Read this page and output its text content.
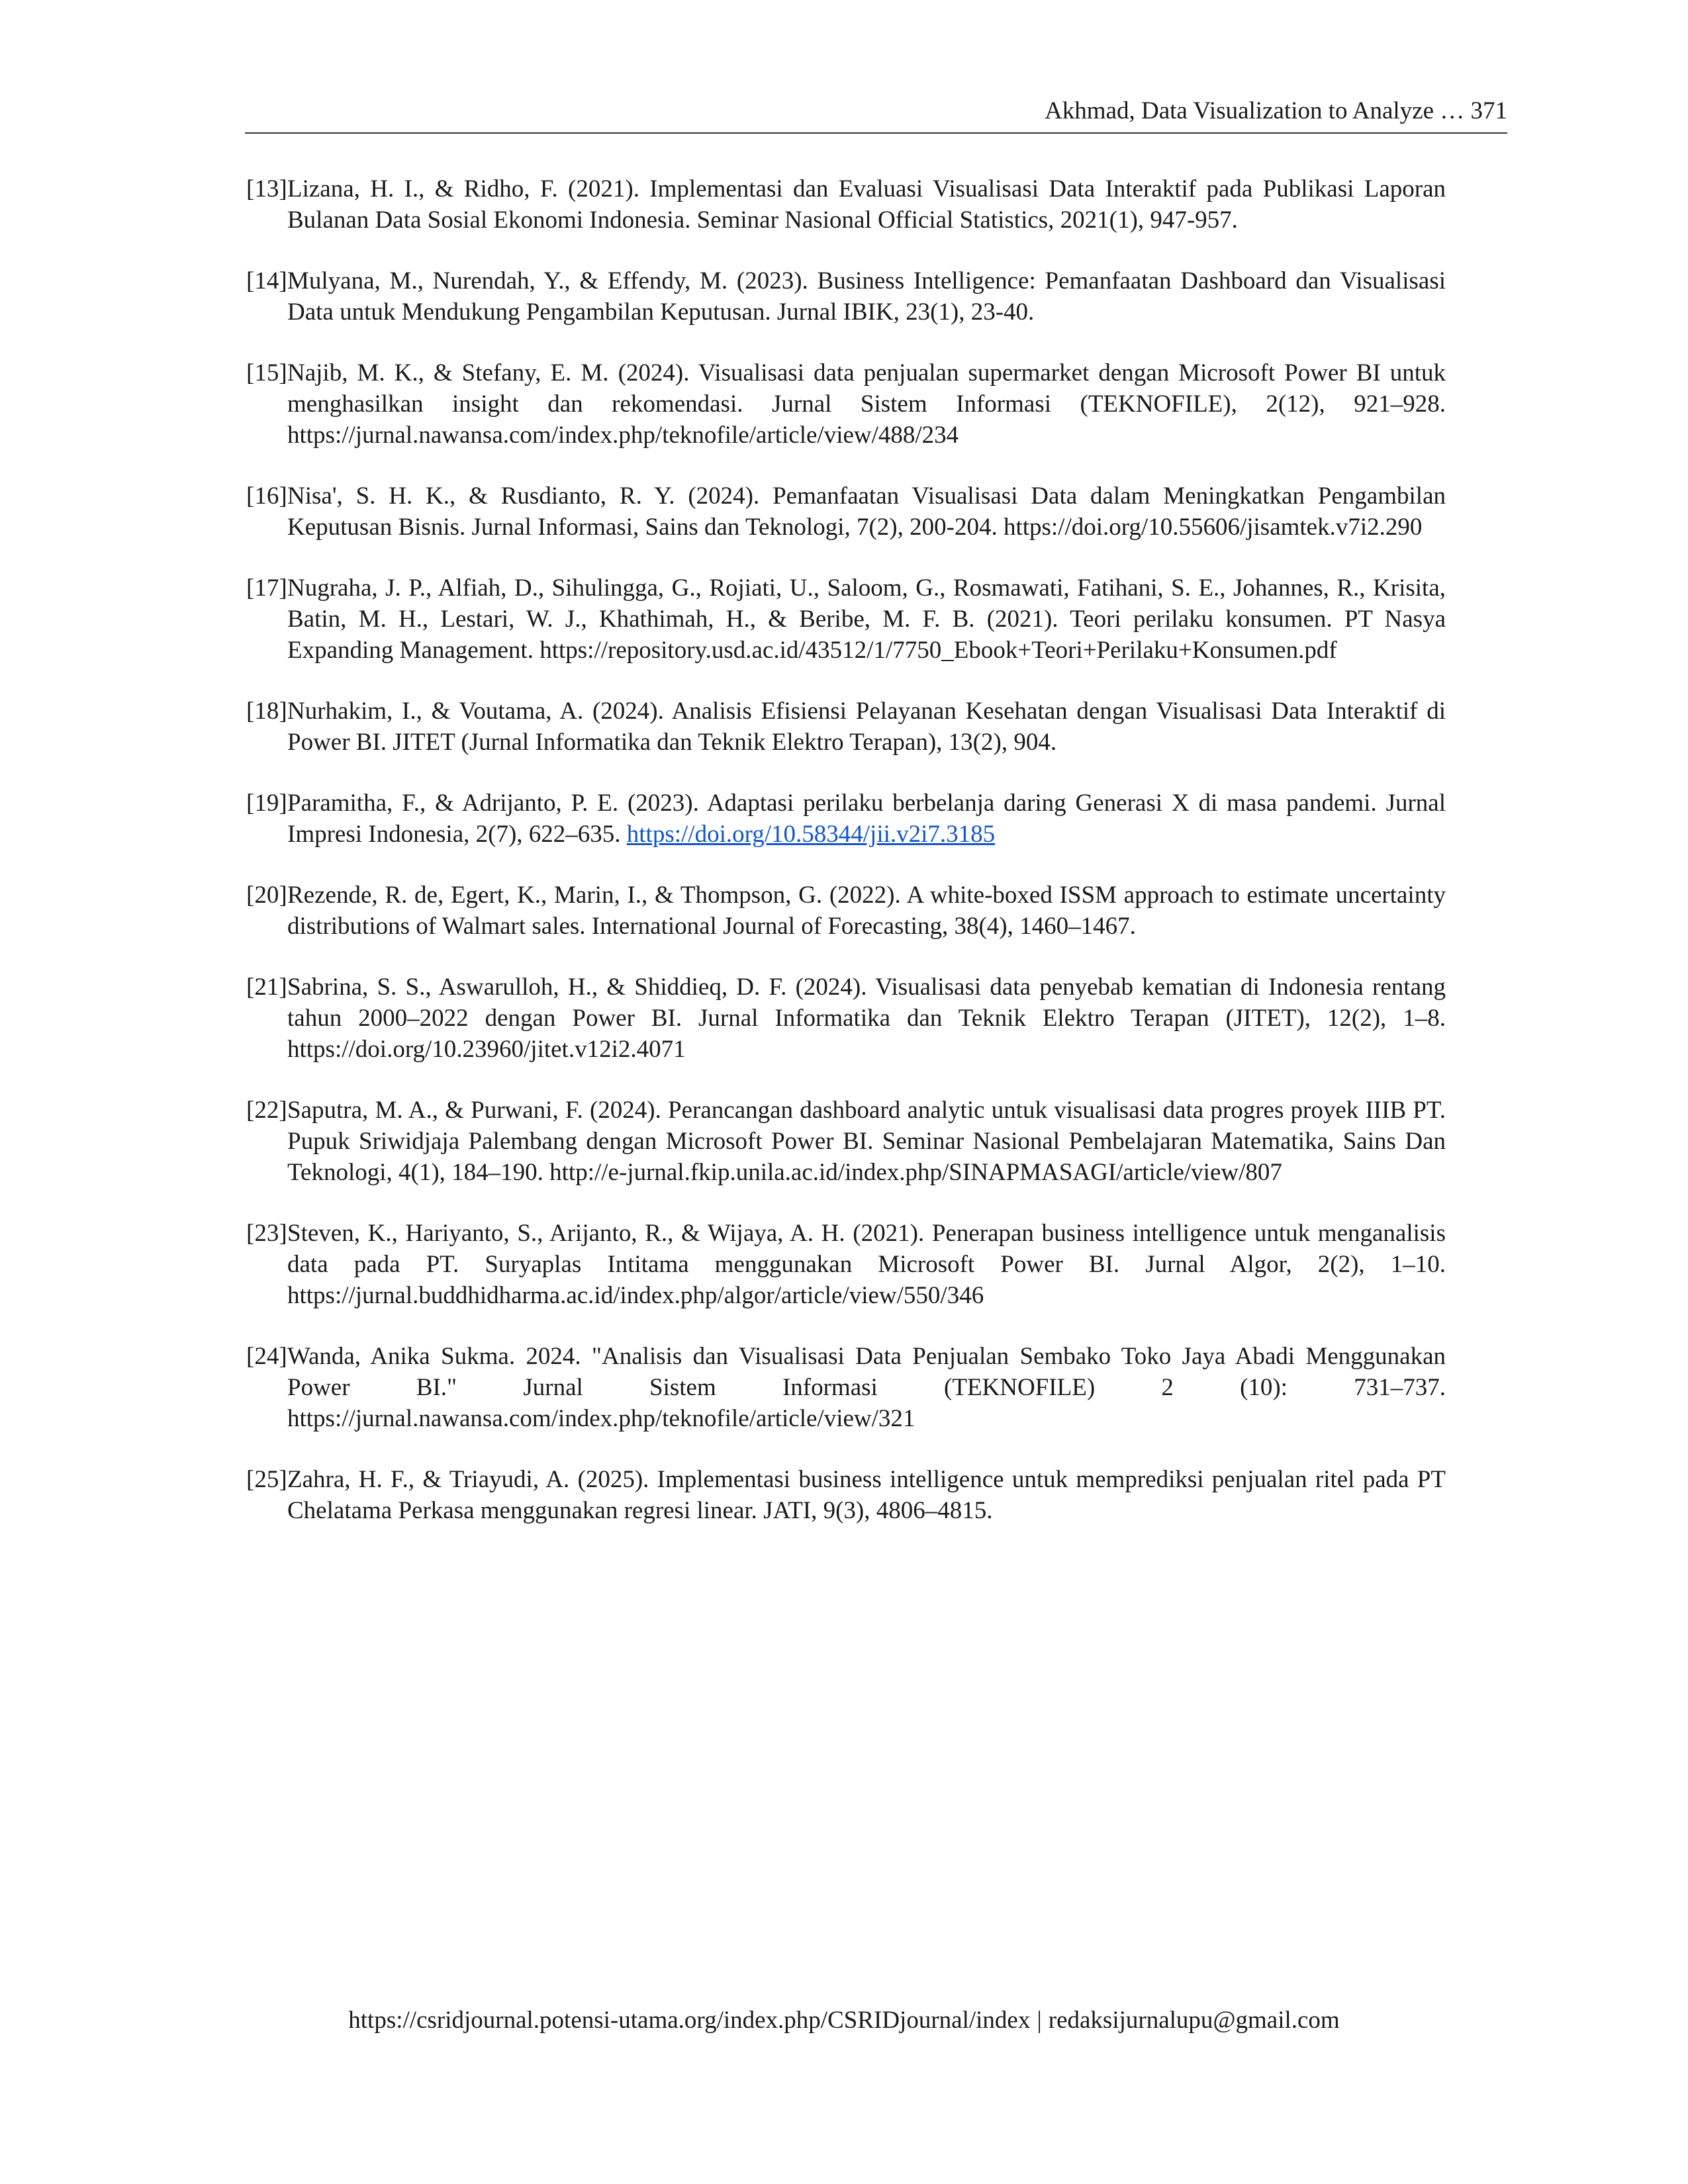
Akhmad, Data Visualization to Analyze … 371
[13] Lizana, H. I., & Ridho, F. (2021). Implementasi dan Evaluasi Visualisasi Data Interaktif pada Publikasi Laporan Bulanan Data Sosial Ekonomi Indonesia. Seminar Nasional Official Statistics, 2021(1), 947-957.
[14] Mulyana, M., Nurendah, Y., & Effendy, M. (2023). Business Intelligence: Pemanfaatan Dashboard dan Visualisasi Data untuk Mendukung Pengambilan Keputusan. Jurnal IBIK, 23(1), 23-40.
[15] Najib, M. K., & Stefany, E. M. (2024). Visualisasi data penjualan supermarket dengan Microsoft Power BI untuk menghasilkan insight dan rekomendasi. Jurnal Sistem Informasi (TEKNOFILE), 2(12), 921–928. https://jurnal.nawansa.com/index.php/teknofile/article/view/488/234
[16] Nisa', S. H. K., & Rusdianto, R. Y. (2024). Pemanfaatan Visualisasi Data dalam Meningkatkan Pengambilan Keputusan Bisnis. Jurnal Informasi, Sains dan Teknologi, 7(2), 200-204. https://doi.org/10.55606/jisamtek.v7i2.290
[17] Nugraha, J. P., Alfiah, D., Sihulingga, G., Rojiati, U., Saloom, G., Rosmawati, Fatihani, S. E., Johannes, R., Krisita, Batin, M. H., Lestari, W. J., Khathimah, H., & Beribe, M. F. B. (2021). Teori perilaku konsumen. PT Nasya Expanding Management. https://repository.usd.ac.id/43512/1/7750_Ebook+Teori+Perilaku+Konsumen.pdf
[18] Nurhakim, I., & Voutama, A. (2024). Analisis Efisiensi Pelayanan Kesehatan dengan Visualisasi Data Interaktif di Power BI. JITET (Jurnal Informatika dan Teknik Elektro Terapan), 13(2), 904.
[19] Paramitha, F., & Adrijanto, P. E. (2023). Adaptasi perilaku berbelanja daring Generasi X di masa pandemi. Jurnal Impresi Indonesia, 2(7), 622–635. https://doi.org/10.58344/jii.v2i7.3185
[20] Rezende, R. de, Egert, K., Marin, I., & Thompson, G. (2022). A white-boxed ISSM approach to estimate uncertainty distributions of Walmart sales. International Journal of Forecasting, 38(4), 1460–1467.
[21] Sabrina, S. S., Aswarulloh, H., & Shiddieq, D. F. (2024). Visualisasi data penyebab kematian di Indonesia rentang tahun 2000–2022 dengan Power BI. Jurnal Informatika dan Teknik Elektro Terapan (JITET), 12(2), 1–8. https://doi.org/10.23960/jitet.v12i2.4071
[22] Saputra, M. A., & Purwani, F. (2024). Perancangan dashboard analytic untuk visualisasi data progres proyek IIIB PT. Pupuk Sriwidjaja Palembang dengan Microsoft Power BI. Seminar Nasional Pembelajaran Matematika, Sains Dan Teknologi, 4(1), 184–190. http://e-jurnal.fkip.unila.ac.id/index.php/SINAPMASAGI/article/view/807
[23] Steven, K., Hariyanto, S., Arijanto, R., & Wijaya, A. H. (2021). Penerapan business intelligence untuk menganalisis data pada PT. Suryaplas Intitama menggunakan Microsoft Power BI. Jurnal Algor, 2(2), 1–10. https://jurnal.buddhidharma.ac.id/index.php/algor/article/view/550/346
[24] Wanda, Anika Sukma. 2024. "Analisis dan Visualisasi Data Penjualan Sembako Toko Jaya Abadi Menggunakan Power BI." Jurnal Sistem Informasi (TEKNOFILE) 2 (10): 731–737. https://jurnal.nawansa.com/index.php/teknofile/article/view/321
[25] Zahra, H. F., & Triayudi, A. (2025). Implementasi business intelligence untuk memprediksi penjualan ritel pada PT Chelatama Perkasa menggunakan regresi linear. JATI, 9(3), 4806–4815.
https://csridjournal.potensi-utama.org/index.php/CSRIDjournal/index | redaksijurnalupu@gmail.com
